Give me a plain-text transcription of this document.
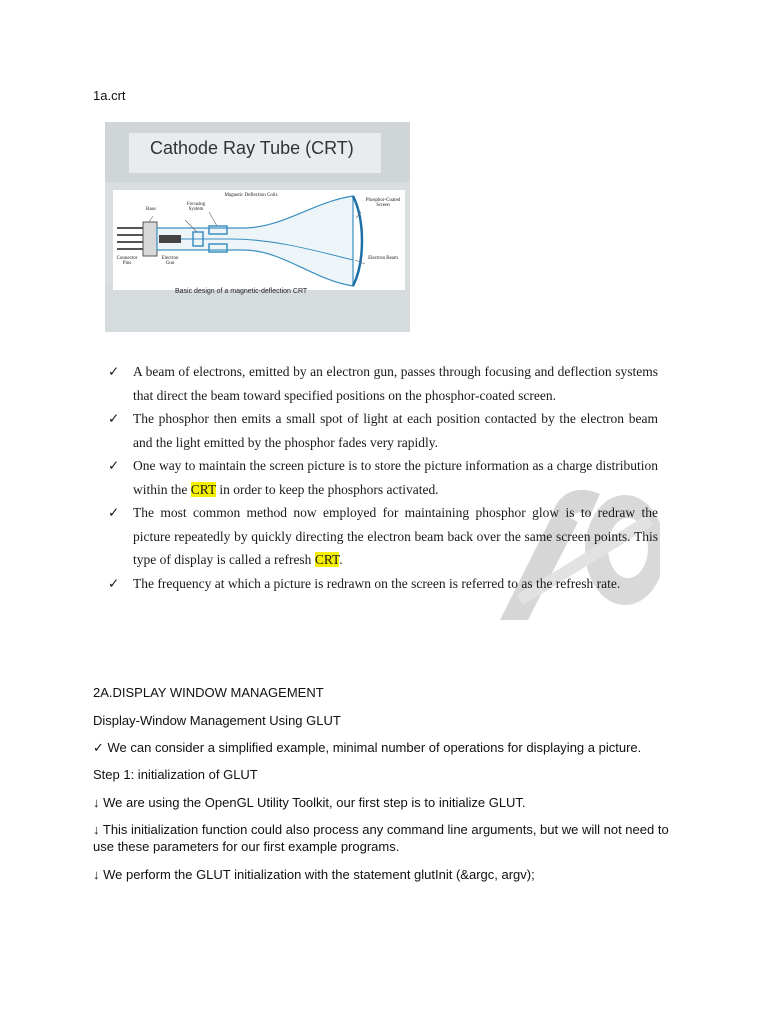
1a.crt
Cathode Ray Tube (CRT)
Base
Focusing System
Magnetic Deflection Coils
Phosphor-Coated Screen
Connector Pins
Electron Gun
Electron Beam
Basic design of a magnetic-deflection CRT
✓ A beam of electrons, emitted by an electron gun, passes through focusing and deflection systems that direct the beam toward specified positions on the phosphor-coated screen.
✓ The phosphor then emits a small spot of light at each position contacted by the electron beam and the light emitted by the phosphor fades very rapidly.
✓ One way to maintain the screen picture is to store the picture information as a charge distribution within the CRT in order to keep the phosphors activated.
✓ The most common method now employed for maintaining phosphor glow is to redraw the picture repeatedly by quickly directing the electron beam back over the same screen points. This type of display is called a refresh CRT.
✓ The frequency at which a picture is redrawn on the screen is referred to as the refresh rate.
2A.DISPLAY WINDOW MANAGEMENT
Display-Window Management Using GLUT
✓ We can consider a simplified example, minimal number of operations for displaying a picture.
Step 1: initialization of GLUT
↓ We are using the OpenGL Utility Toolkit, our first step is to initialize GLUT.
↓ This initialization function could also process any command line arguments, but we will not need to use these parameters for our first example programs.
↓ We perform the GLUT initialization with the statement glutInit (&argc, argv);
